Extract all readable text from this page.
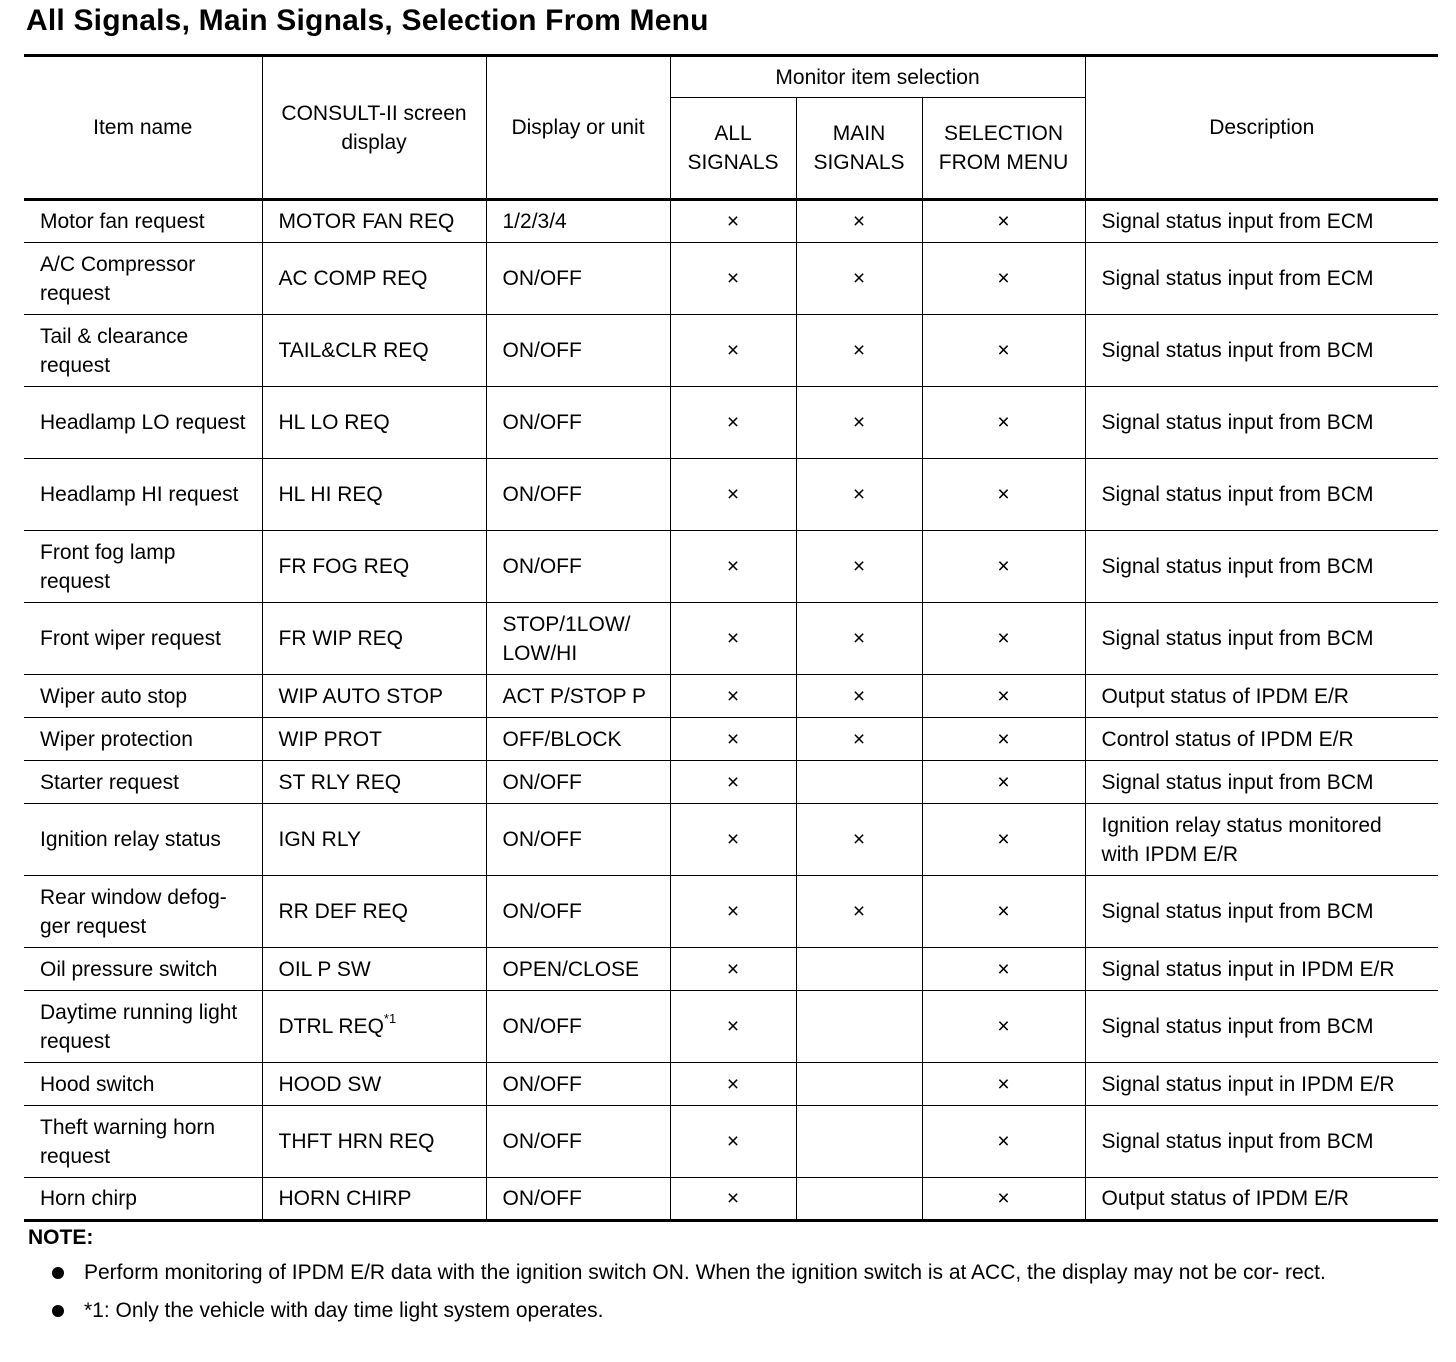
All Signals, Main Signals, Selection From Menu
Item name	CONSULT-II screen display	Display or unit	Monitor item selection			Description
			ALL SIGNALS	MAIN SIGNALS	SELECTION FROM MENU	
Motor fan request	MOTOR FAN REQ	1/2/3/4	×	×	×	Signal status input from ECM
A/C Compressor request	AC COMP REQ	ON/OFF	×	×	×	Signal status input from ECM
Tail & clearance request	TAIL&CLR REQ	ON/OFF	×	×	×	Signal status input from BCM
Headlamp LO request	HL LO REQ	ON/OFF	×	×	×	Signal status input from BCM
Headlamp HI request	HL HI REQ	ON/OFF	×	×	×	Signal status input from BCM
Front fog lamp request	FR FOG REQ	ON/OFF	×	×	×	Signal status input from BCM
Front wiper request	FR WIP REQ	STOP/1LOW/ LOW/HI	×	×	×	Signal status input from BCM
Wiper auto stop	WIP AUTO STOP	ACT P/STOP P	×	×	×	Output status of IPDM E/R
Wiper protection	WIP PROT	OFF/BLOCK	×	×	×	Control status of IPDM E/R
Starter request	ST RLY REQ	ON/OFF	×		×	Signal status input from BCM
Ignition relay status	IGN RLY	ON/OFF	×	×	×	Ignition relay status monitored with IPDM E/R
Rear window defog- ger request	RR DEF REQ	ON/OFF	×	×	×	Signal status input from BCM
Oil pressure switch	OIL P SW	OPEN/CLOSE	×		×	Signal status input in IPDM E/R
Daytime running light request	DTRL REQ$^{*1}$	ON/OFF	×		×	Signal status input from BCM
Hood switch	HOOD SW	ON/OFF	×		×	Signal status input in IPDM E/R
Theft warning horn request	THFT HRN REQ	ON/OFF	×		×	Signal status input from BCM
Horn chirp	HORN CHIRP	ON/OFF	×		×	Output status of IPDM E/R
NOTE:
Perform monitoring of IPDM E/R data with the ignition switch ON. When the ignition switch is at ACC, the display may not be cor- rect.
*1: Only the vehicle with day time light system operates.
